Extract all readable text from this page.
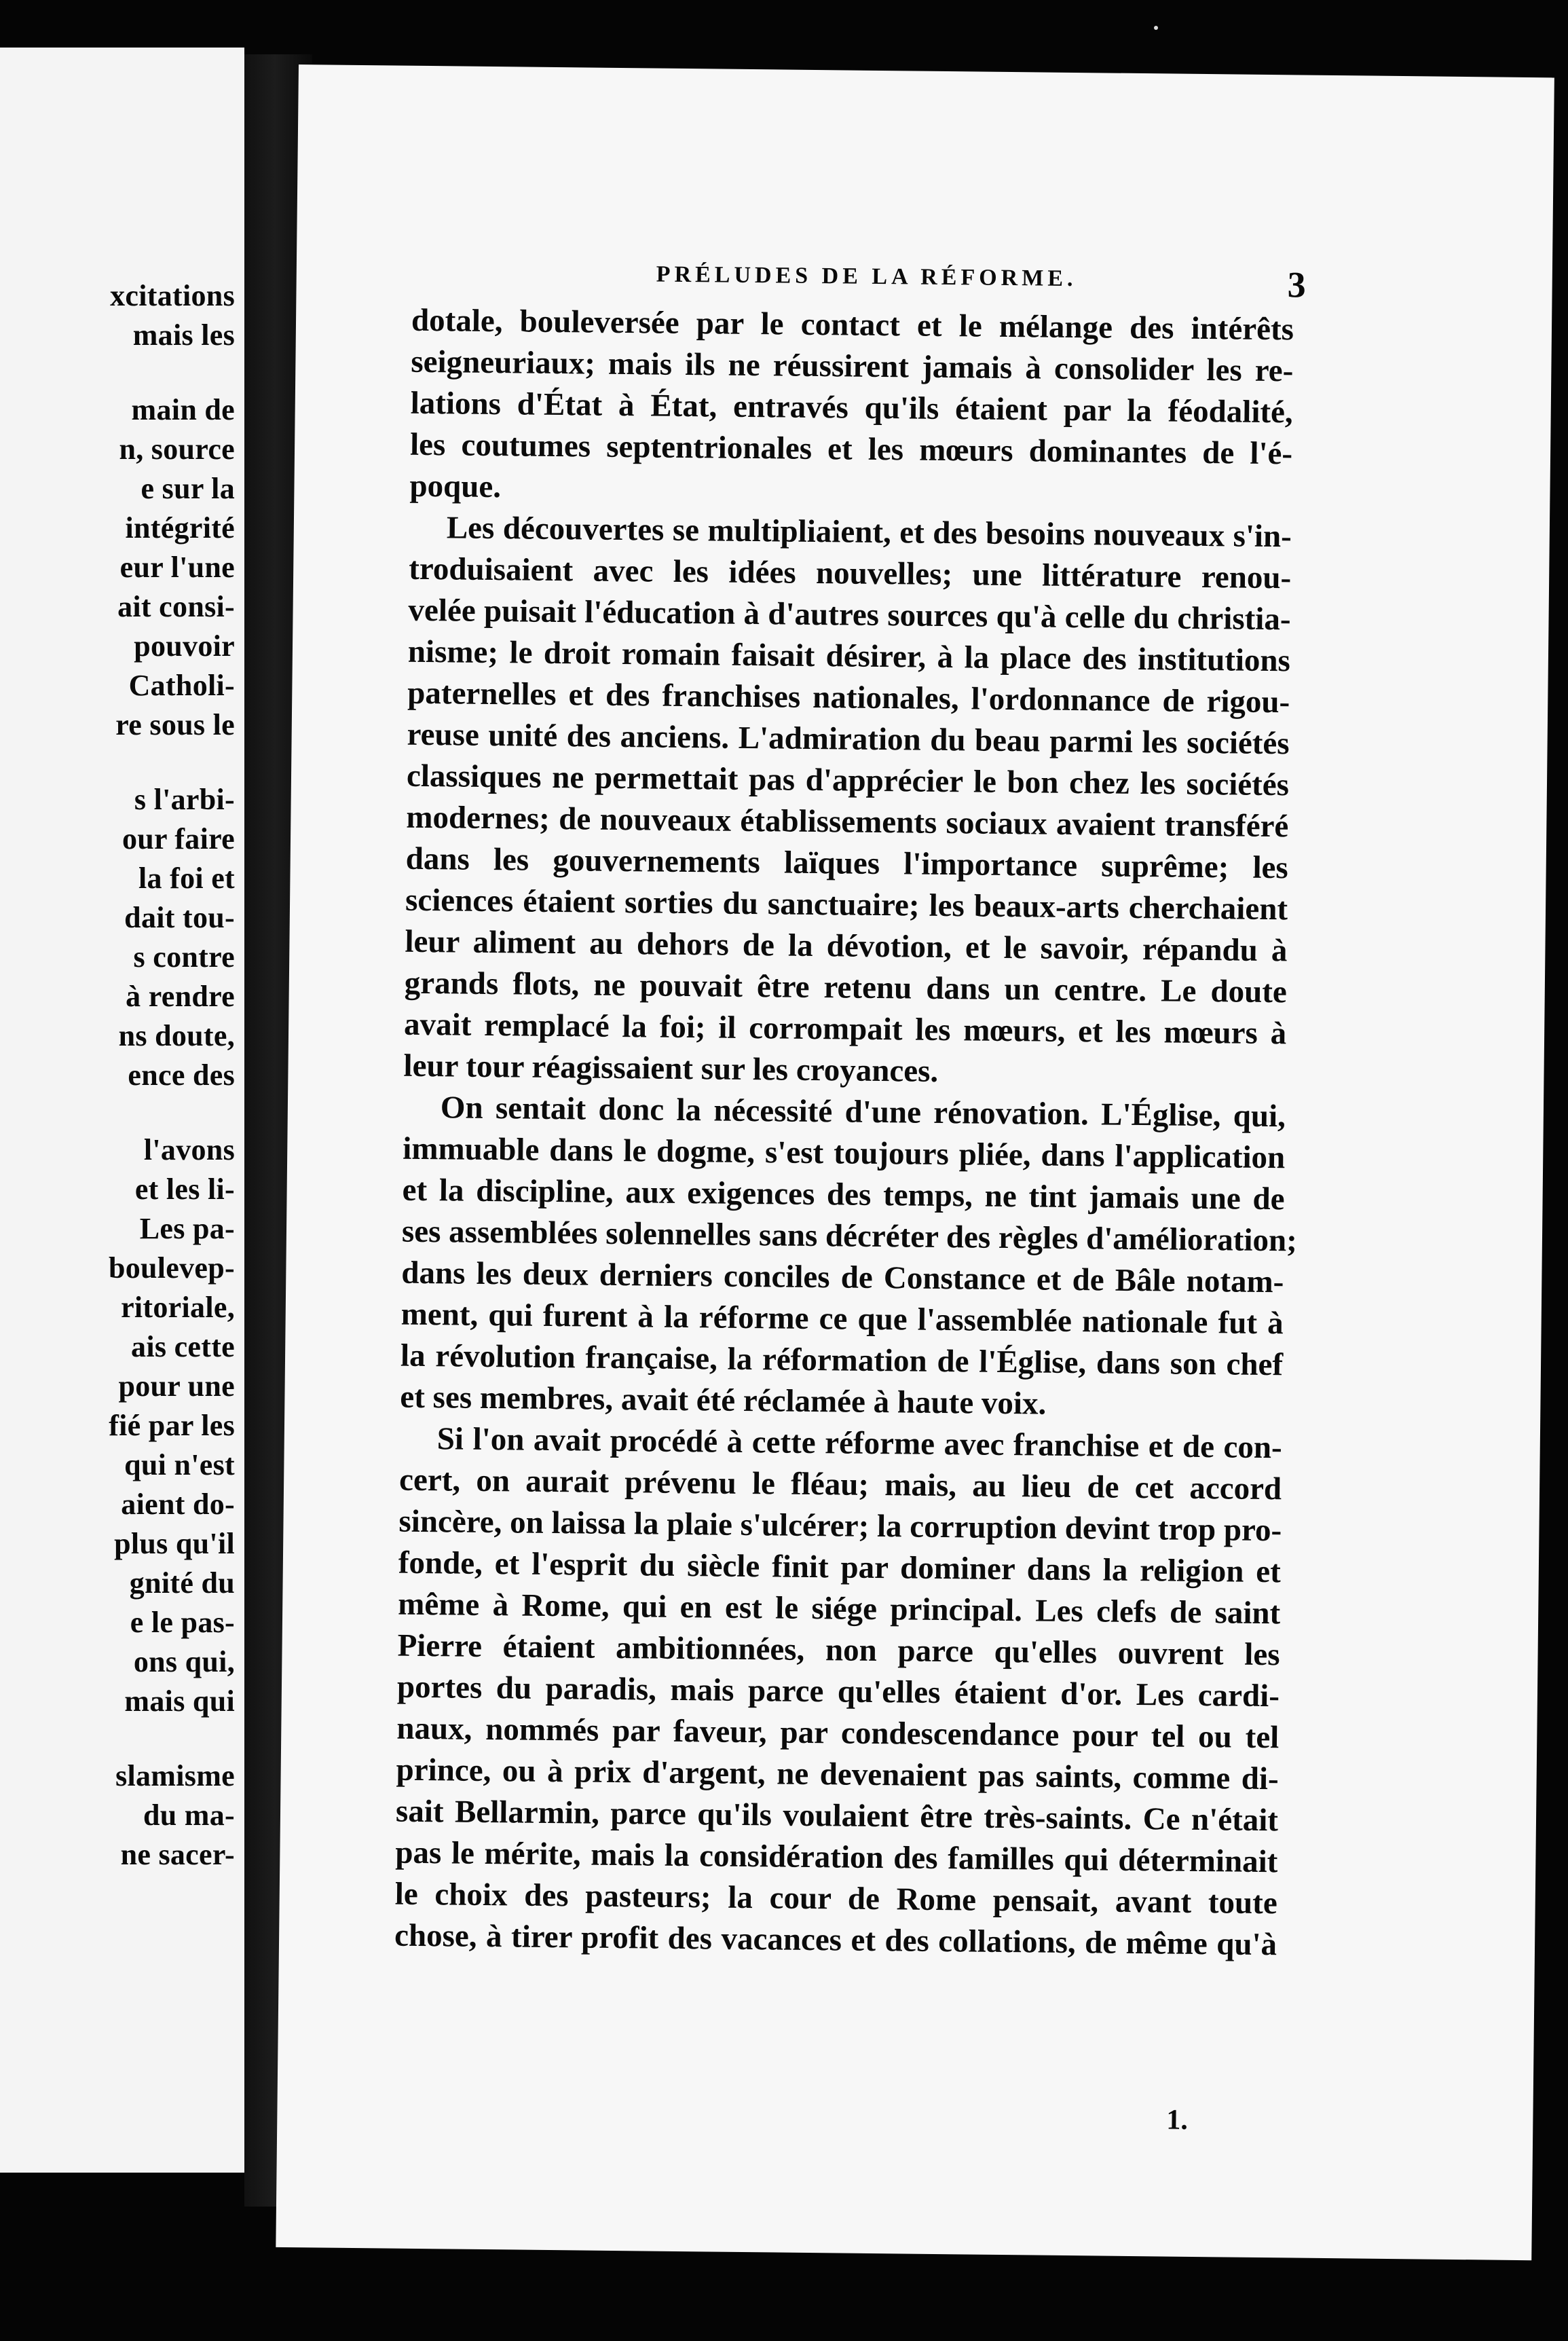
xcitations
mais les
main de
n, source
e sur la
intégrité
eur l'une
ait consi-
pouvoir
Catholi-
re sous le
s l'arbi-
our faire
la foi et
dait tou-
s contre
à rendre
ns doute,
ence des
l'avons
et les li-
Les pa-
bouleveр-
ritoriale,
ais cette
pour une
fié par les
qui n'est
aient do-
plus qu'il
gnité du
e le pas-
ons qui,
mais qui
slamisme
du ma-
ne sacer-
PRÉLUDES DE LA RÉFORME.	3
dotale, bouleversée par le contact et le mélange des intérêts
seigneuriaux; mais ils ne réussirent jamais à consolider les re-
lations d'État à État, entravés qu'ils étaient par la féodalité,
les coutumes septentrionales et les mœurs dominantes de l'é-
poque.
Les découvertes se multipliaient, et des besoins nouveaux s'in-
troduisaient avec les idées nouvelles; une littérature renou-
velée puisait l'éducation à d'autres sources qu'à celle du christia-
nisme; le droit romain faisait désirer, à la place des institutions
paternelles et des franchises nationales, l'ordonnance de rigou-
reuse unité des anciens. L'admiration du beau parmi les sociétés
classiques ne permettait pas d'apprécier le bon chez les sociétés
modernes; de nouveaux établissements sociaux avaient transféré
dans les gouvernements laïques l'importance suprême; les
sciences étaient sorties du sanctuaire; les beaux-arts cherchaient
leur aliment au dehors de la dévotion, et le savoir, répandu à
grands flots, ne pouvait être retenu dans un centre. Le doute
avait remplacé la foi; il corrompait les mœurs, et les mœurs à
leur tour réagissaient sur les croyances.
On sentait donc la nécessité d'une rénovation. L'Église, qui,
immuable dans le dogme, s'est toujours pliée, dans l'application
et la discipline, aux exigences des temps, ne tint jamais une de
ses assemblées solennelles sans décréter des règles d'amélioration;
dans les deux derniers conciles de Constance et de Bâle notam-
ment, qui furent à la réforme ce que l'assemblée nationale fut à
la révolution française, la réformation de l'Église, dans son chef
et ses membres, avait été réclamée à haute voix.
Si l'on avait procédé à cette réforme avec franchise et de con-
cert, on aurait prévenu le fléau; mais, au lieu de cet accord
sincère, on laissa la plaie s'ulcérer; la corruption devint trop pro-
fonde, et l'esprit du siècle finit par dominer dans la religion et
même à Rome, qui en est le siége principal. Les clefs de saint
Pierre étaient ambitionnées, non parce qu'elles ouvrent les
portes du paradis, mais parce qu'elles étaient d'or. Les cardi-
naux, nommés par faveur, par condescendance pour tel ou tel
prince, ou à prix d'argent, ne devenaient pas saints, comme di-
sait Bellarmin, parce qu'ils voulaient être très-saints. Ce n'était
pas le mérite, mais la considération des familles qui déterminait
le choix des pasteurs; la cour de Rome pensait, avant toute
chose, à tirer profit des vacances et des collations, de même qu'à
1.
